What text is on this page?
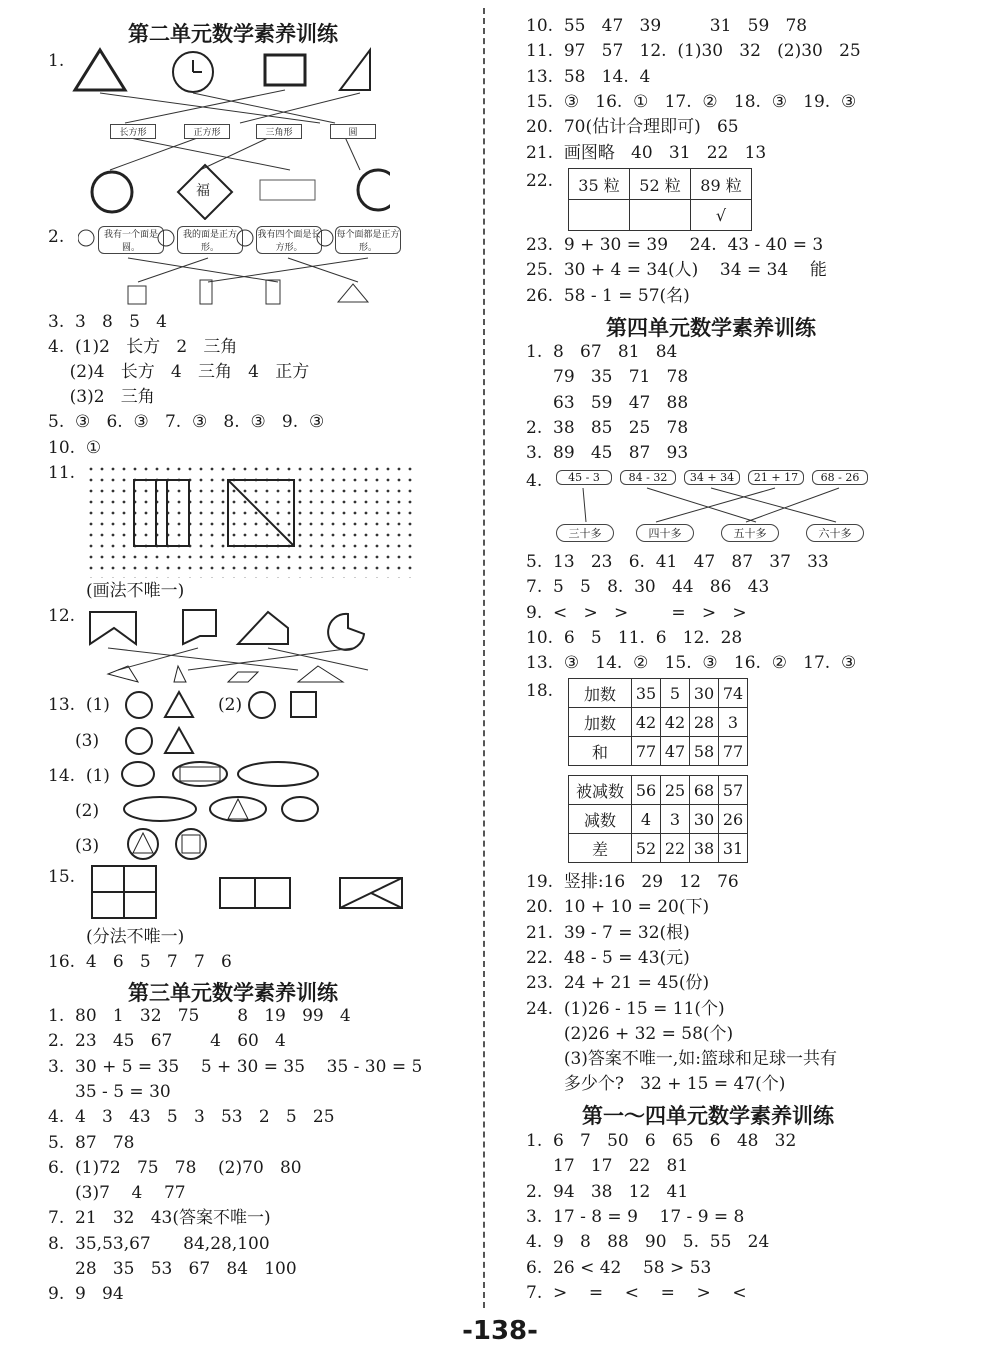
第二单元数学素养训练
1.
长方形	正方形	三角形	圆
福
2.	我有一个面是圆。
我的面是正方形。
我有四个面是长方形。
每个面都是正方形。
3.  3   8   5   4
4.  (1)2   长方   2   三角
(2)4   长方   4   三角   4   正方
(3)2   三角
5.  ③   6.  ③   7.  ③   8.  ③   9.  ③
10.  ①
11.
(画法不唯一)
12.
13.  (1)	(2)
(3)
14.  (1)
(2)
(3)
15.
(分法不唯一)
16.  4   6   5   7   7   6
第三单元数学素养训练
1.  80   1   32   75       8   19   99   4
2.  23   45   67       4   60   4
3.  30 + 5 = 35    5 + 30 = 35    35 - 30 = 5
35 - 5 = 30
4.  4   3   43   5   3   53   2   5   25
5.  87   78
6.  (1)72   75   78    (2)70   80
(3)7    4    77
7.  21   32   43(答案不唯一)
8.  35,53,67      84,28,100
28   35   53   67   84   100
9.  9   94
10.  55   47   39         31   59   78
11.  97   57   12.  (1)30   32   (2)30   25
13.  58   14.  4
15.  ③   16.  ①   17.  ②   18.  ③   19.  ③
20.  70(估计合理即可)   65
21.  画图略   40   31   22   13
22. 35 粒	52 粒	89 粒
		√
23.  9 + 30 = 39    24.  43 - 40 = 3
25.  30 + 4 = 34(人)    34 = 34    能
26.  58 - 1 = 57(名)
第四单元数学素养训练
1.  8   67   81   84
79   35   71   78
63   59   47   88
2.  38   85   25   78
3.  89   45   87   93
4.	45 - 3	84 - 32	34 + 34	21 + 17	68 - 26
三十多	四十多	五十多	六十多
5.  13   23   6.  41   47   87   37   33
7.  5   5   8.  30   44   86   43
9.  <   >   >        =   >   >
10.  6   5   11.  6   12.  28
13.  ③   14.  ②   15.  ③   16.  ②   17.  ③
18. 加数	35	5	30	74
加数	42	42	28	3
和	77	47	58	77
被减数	56	25	68	57
减数	4	3	30	26
差	52	22	38	31
19.  竖排:16   29   12   76
20.  10 + 10 = 20(下)
21.  39 - 7 = 32(根)
22.  48 - 5 = 43(元)
23.  24 + 21 = 45(份)
24.  (1)26 - 15 = 11(个)
(2)26 + 32 = 58(个)
(3)答案不唯一,如:篮球和足球一共有
多少个?   32 + 15 = 47(个)
第一～四单元数学素养训练
1.  6   7   50   6   65   6   48   32
17   17   22   81
2.  94   38   12   41
3.  17 - 8 = 9    17 - 9 = 8
4.  9   8   88   90   5.  55   24
6.  26 < 42    58 > 53
7.  >    =    <    =    >    <
-138-
